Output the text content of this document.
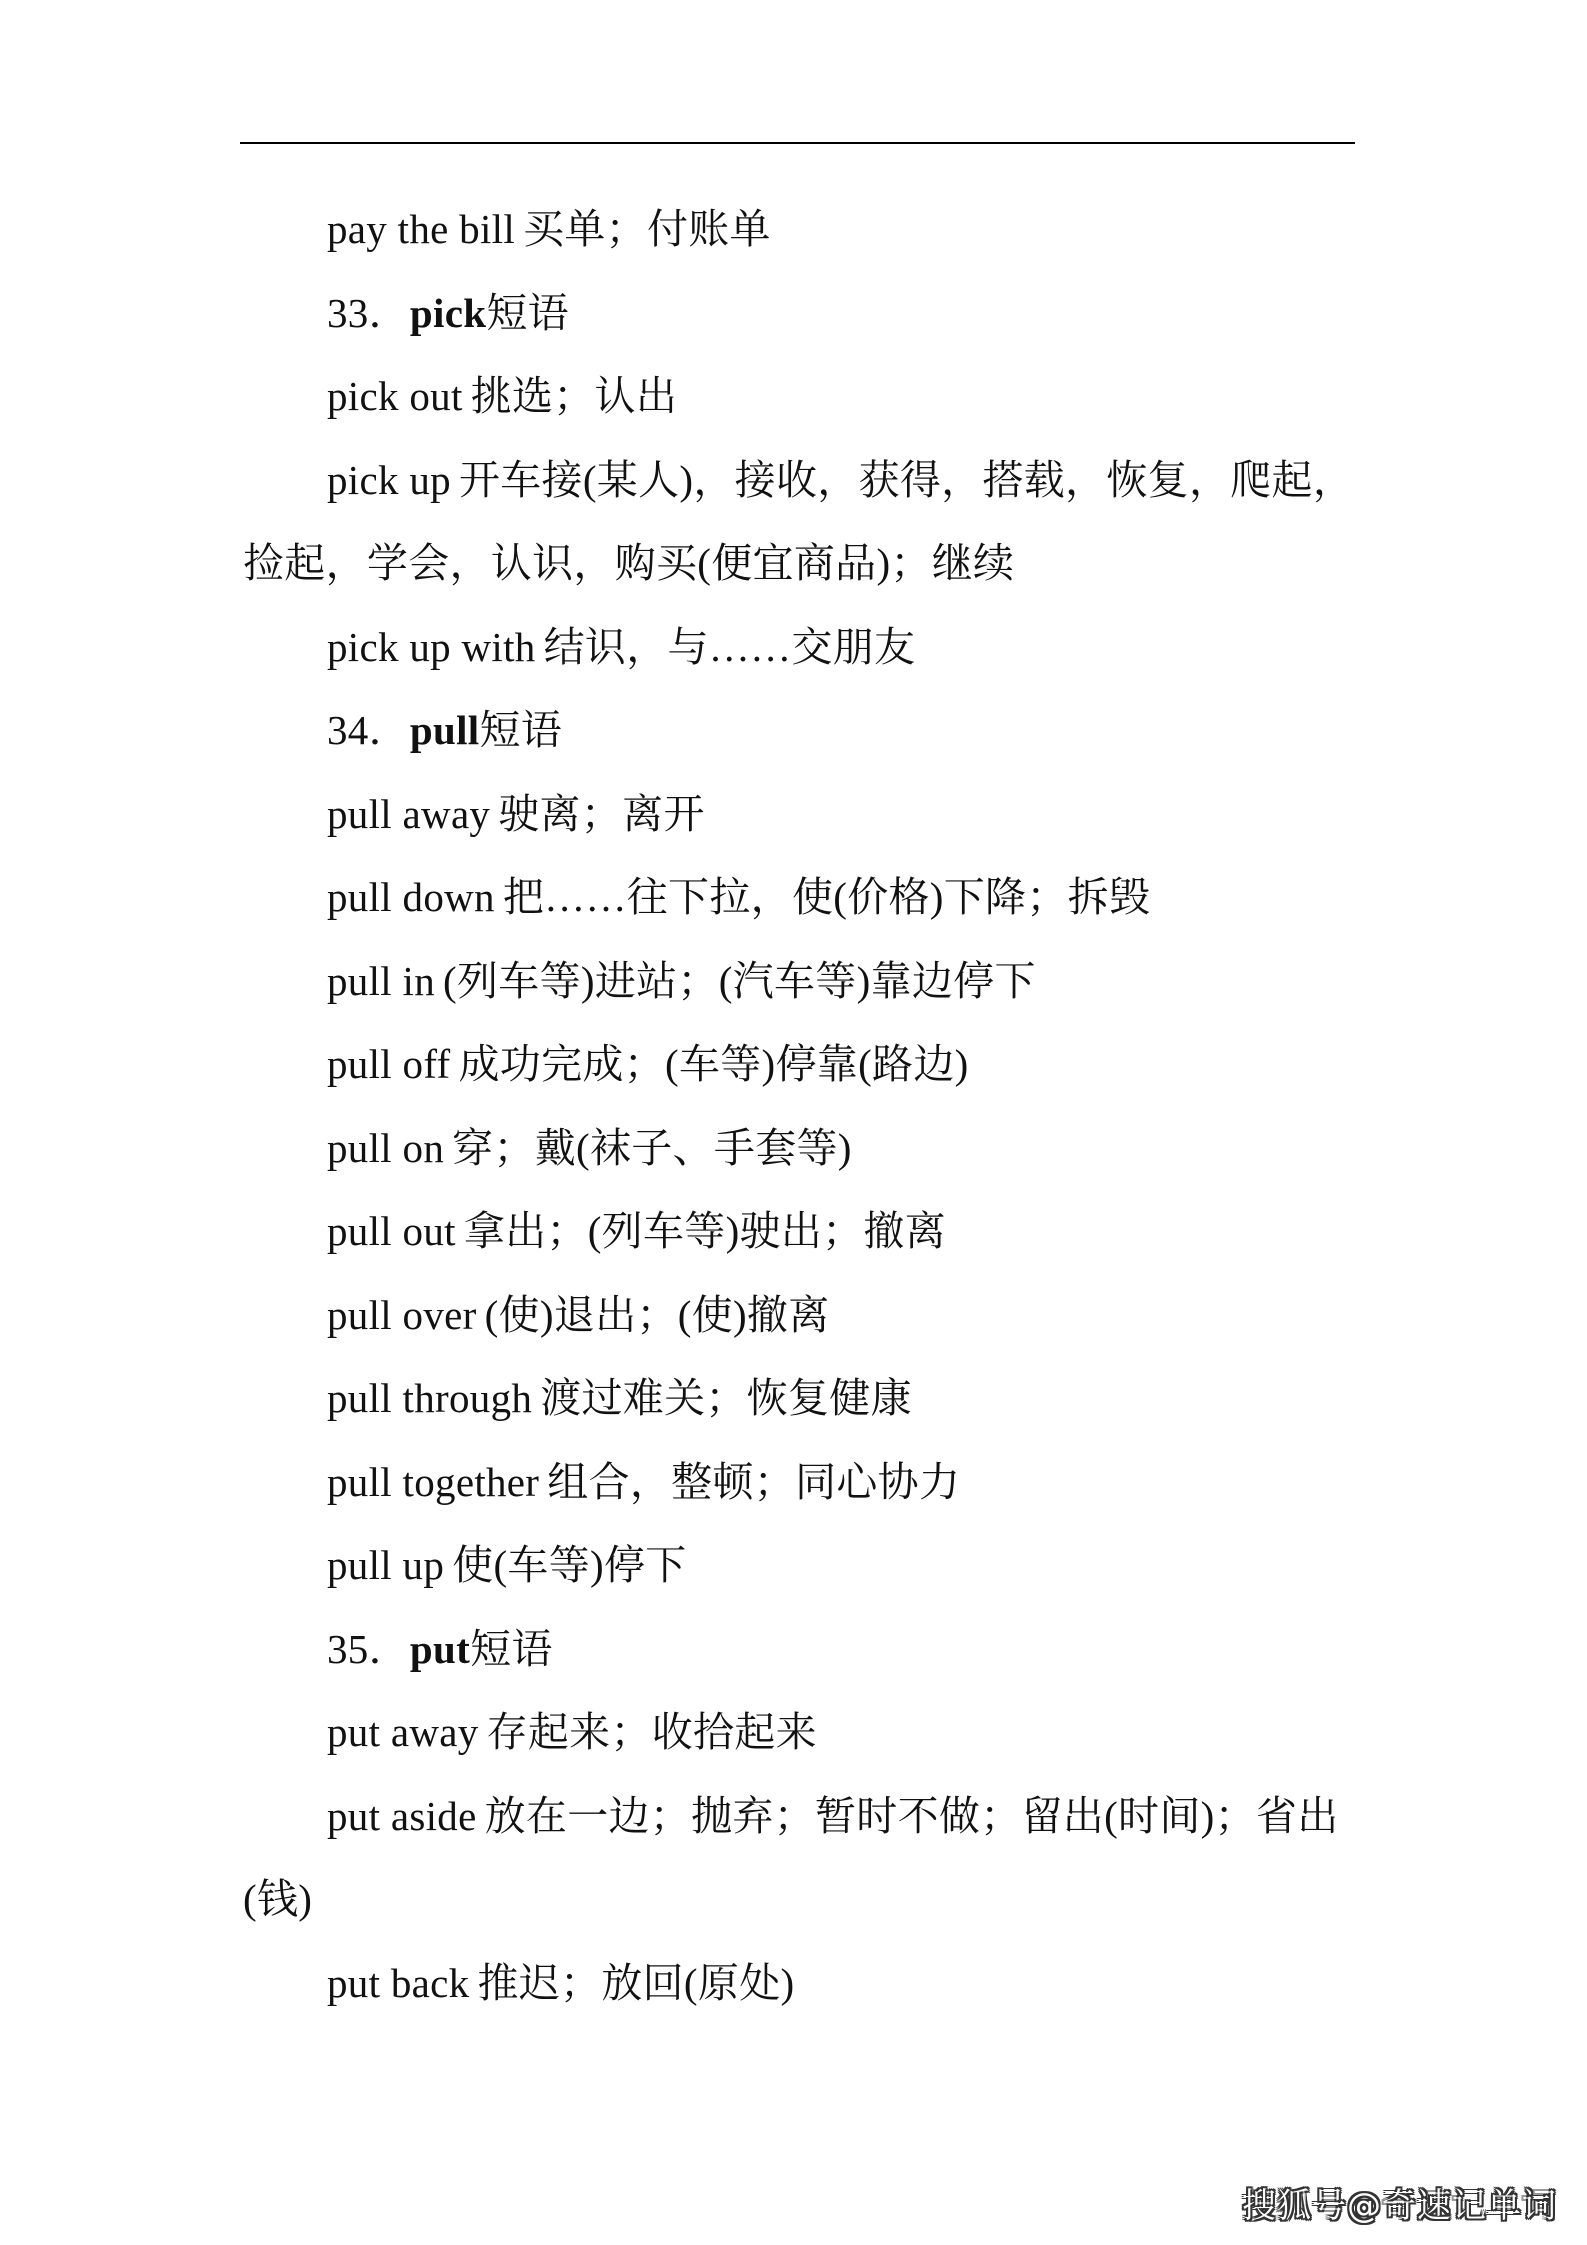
pay the bill 买单；付账单
33．pick短语
pick out 挑选；认出
pick up 开车接(某人)，接收，获得，搭载，恢复，爬起，捡起，学会，认识，购买(便宜商品)；继续
pick up with 结识，与……交朋友
34．pull短语
pull away 驶离；离开
pull down 把……往下拉，使(价格)下降；拆毁
pull in (列车等)进站；(汽车等)靠边停下
pull off 成功完成；(车等)停靠(路边)
pull on 穿；戴(袜子、手套等)
pull out 拿出；(列车等)驶出；撤离
pull over (使)退出；(使)撤离
pull through 渡过难关；恢复健康
pull together 组合，整顿；同心协力
pull up 使(车等)停下
35．put短语
put away 存起来；收拾起来
put aside 放在一边；抛弃；暂时不做；留出(时间)；省出(钱)
put back 推迟；放回(原处)
搜狐号@奇速记单词
